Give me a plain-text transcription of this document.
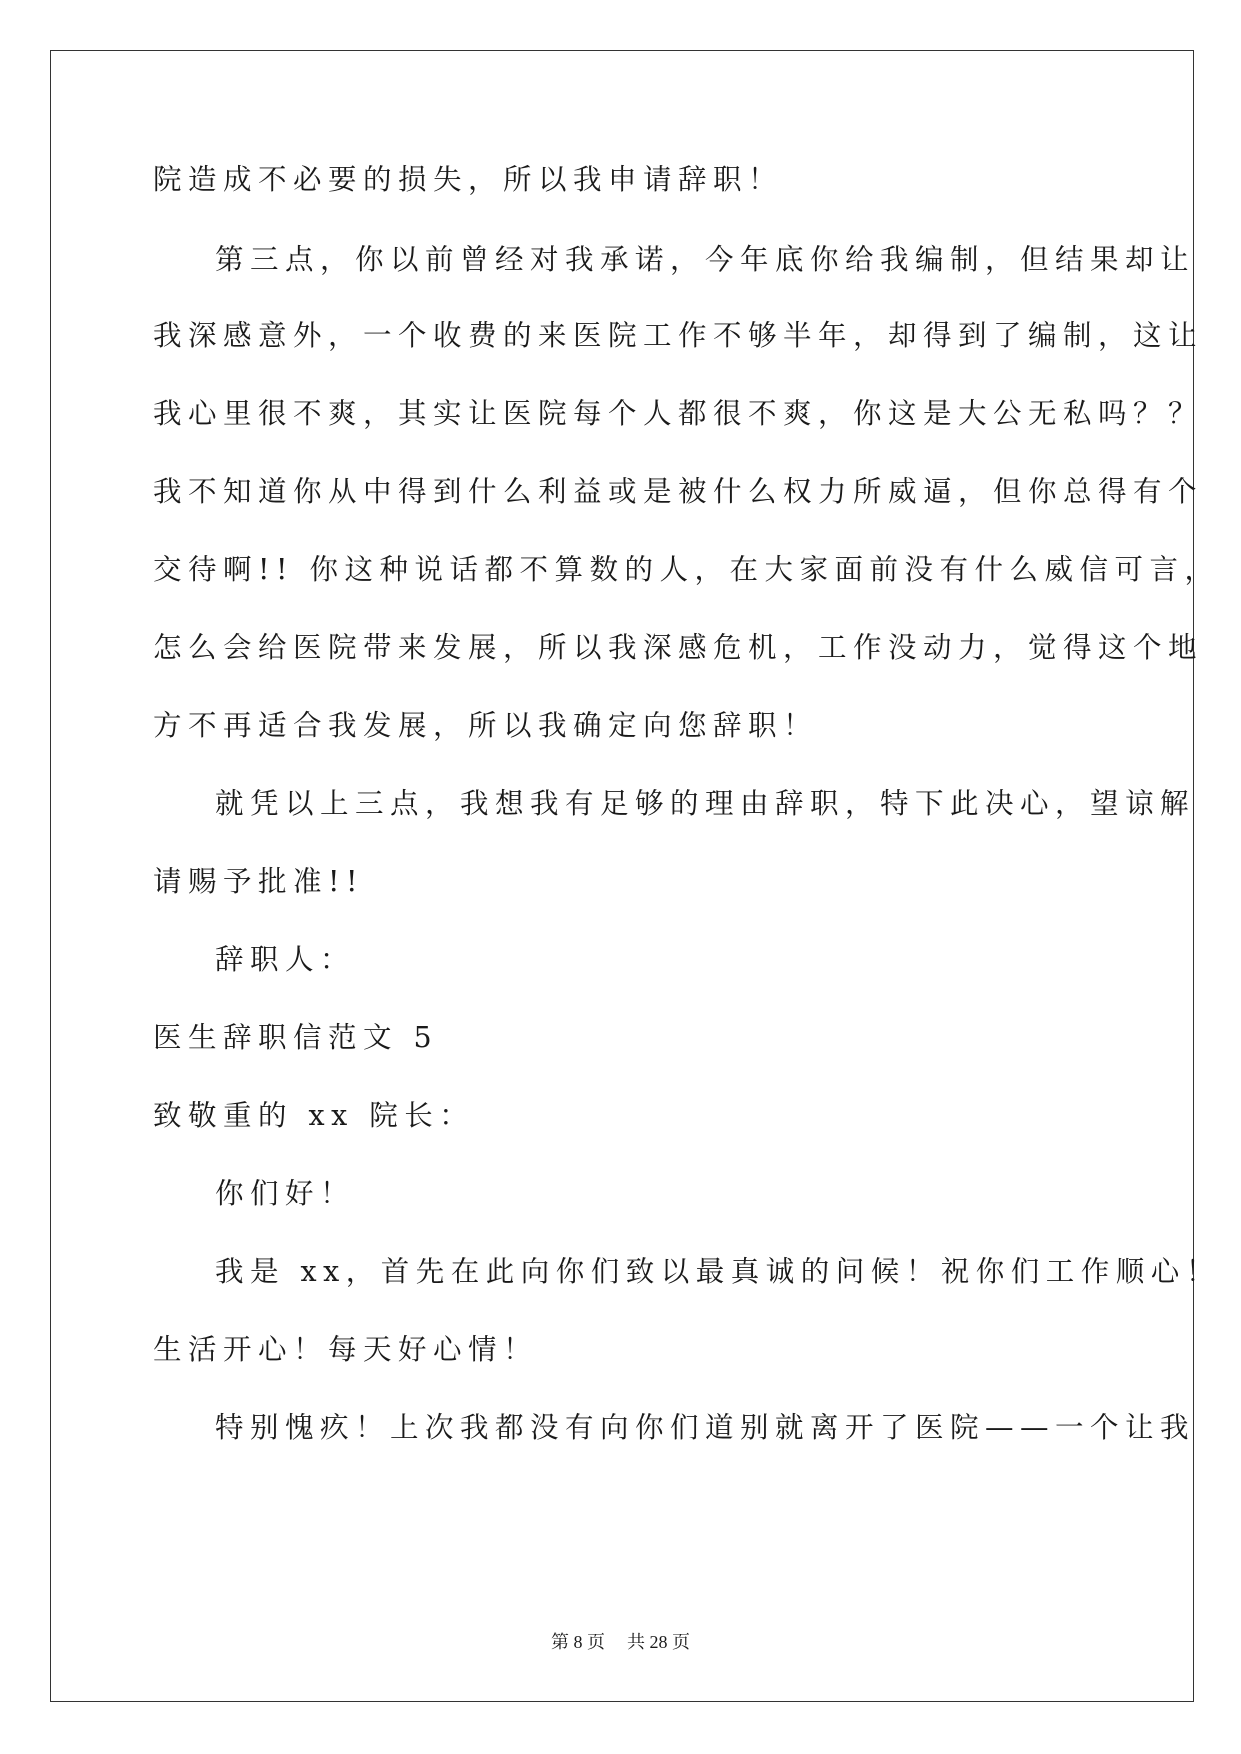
院造成不必要的损失，所以我申请辞职！
第三点，你以前曾经对我承诺，今年底你给我编制，但结果却让
我深感意外，一个收费的来医院工作不够半年，却得到了编制，这让
我心里很不爽，其实让医院每个人都很不爽，你这是大公无私吗？？
我不知道你从中得到什么利益或是被什么权力所威逼，但你总得有个
交待啊!! 你这种说话都不算数的人，在大家面前没有什么威信可言，
怎么会给医院带来发展，所以我深感危机，工作没动力，觉得这个地
方不再适合我发展，所以我确定向您辞职！
就凭以上三点，我想我有足够的理由辞职，特下此决心，望谅解
请赐予批准!!
辞职人：
医生辞职信范文 5
致敬重的 xx 院长：
你们好！
我是 xx，首先在此向你们致以最真诚的问候！祝你们工作顺心！
生活开心！每天好心情！
特别愧疚！上次我都没有向你们道别就离开了医院——一个让我
第 8 页 共 28 页
